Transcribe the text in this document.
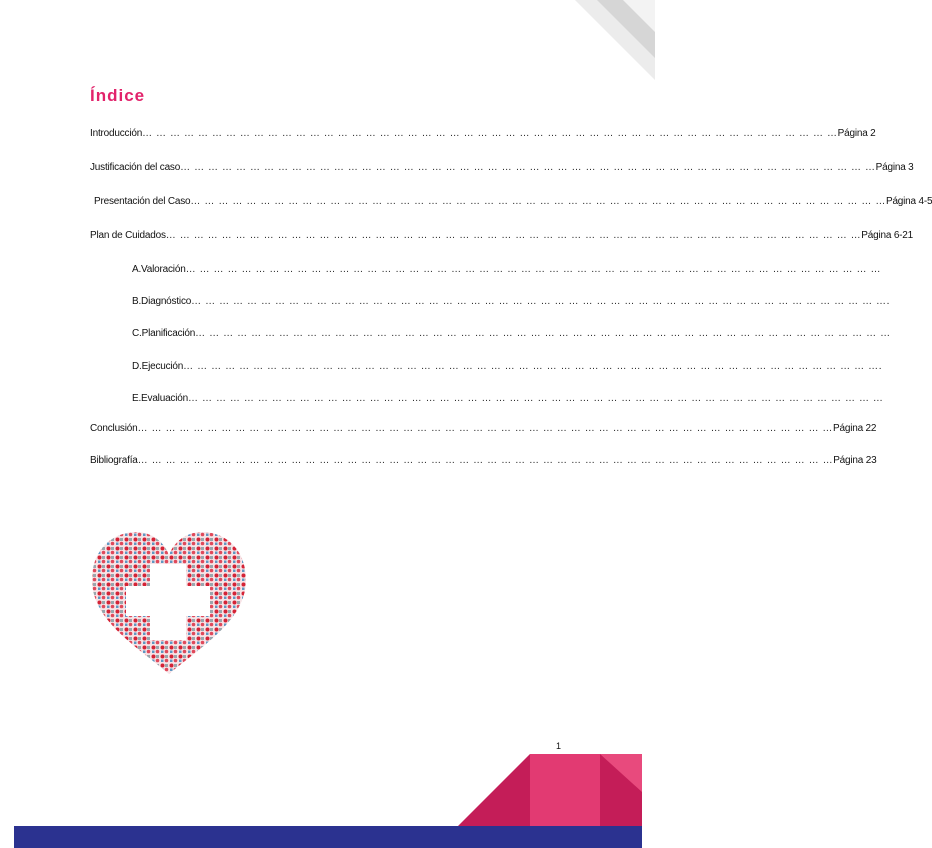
Índice
Introducción … … … … … … … … … … … … … … … … … … … … … … … … … … … … … … … … … … … … … … … … … … … … … … … … … … Página 2
Justificación del caso … … … … … … … … … … … … … … … … … … … … … … … … … … … … … … … … … … … … … … … … … … … … … … … … … … Página 3
Presentación del Caso … … … … … … … … … … … … … … … … … … … … … … … … … … … … … … … … … … … … … … … … … … … … … … … … … … Página 4-5
Plan de Cuidados … … … … … … … … … … … … … … … … … … … … … … … … … … … … … … … … … … … … … … … … … … … … … … … … … … Página 6-21
A.Valoración … … … … … … … … … … … … … … … … … … … … … … … … … … … … … … … … … … … … … … … … … … … … … … … … … …
B.Diagnóstico … … … … … … … … … … … … … … … … … … … … … … … … … … … … … … … … … … … … … … … … … … … … … … … … … … .
C.Planificación … … … … … … … … … … … … … … … … … … … … … … … … … … … … … … … … … … … … … … … … … … … … … … … … … …
D.Ejecución … … … … … … … … … … … … … … … … … … … … … … … … … … … … … … … … … … … … … … … … … … … … … … … … … … .
E.Evaluación … … … … … … … … … … … … … … … … … … … … … … … … … … … … … … … … … … … … … … … … … … … … … … … … … …
Conclusión … … … … … … … … … … … … … … … … … … … … … … … … … … … … … … … … … … … … … … … … … … … … … … … … … … Página 22
Bibliografía … … … … … … … … … … … … … … … … … … … … … … … … … … … … … … … … … … … … … … … … … … … … … … … … … … Página 23
1
